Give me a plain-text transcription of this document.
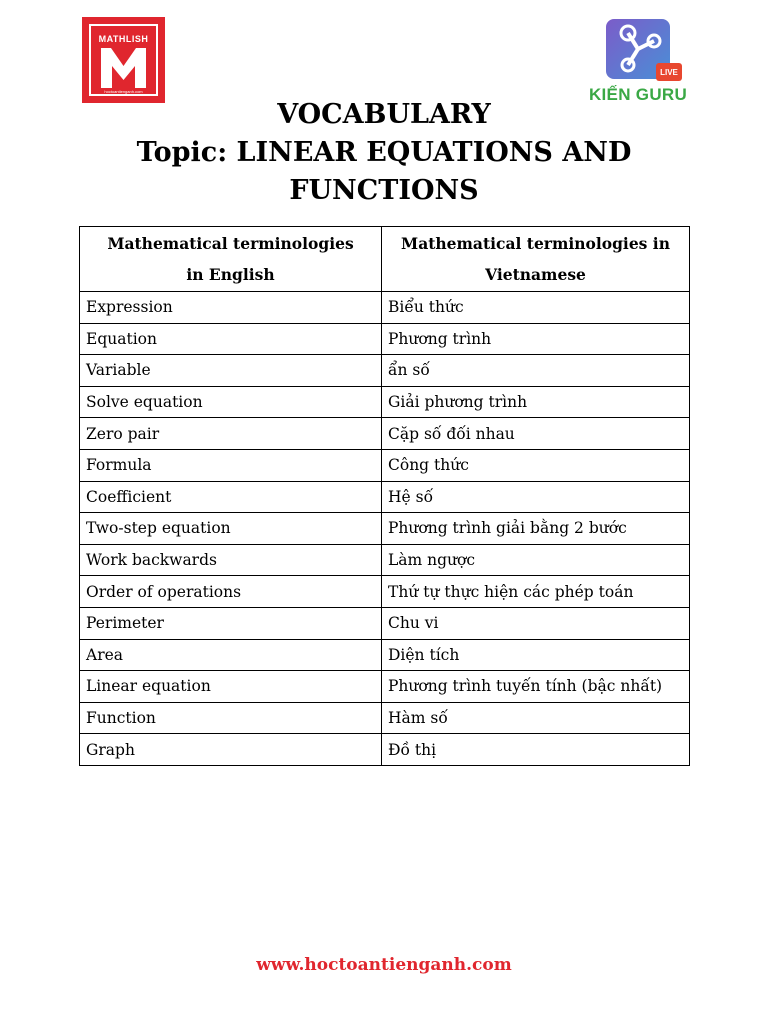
MATHLISH
hoctoantienganh.com
LIVE
KIẾN GURU
VOCABULARY
Topic: LINEAR EQUATIONS AND
FUNCTIONS
Mathematical terminologies in English	Mathematical terminologies in Vietnamese
Expression	Biểu thức
Equation	Phương trình
Variable	ẩn số
Solve equation	Giải phương trình
Zero pair	Cặp số đối nhau
Formula	Công thức
Coefficient	Hệ số
Two-step equation	Phương trình giải bằng 2 bước
Work backwards	Làm ngược
Order of operations	Thứ tự thực hiện các phép toán
Perimeter	Chu vi
Area	Diện tích
Linear equation	Phương trình tuyến tính (bậc nhất)
Function	Hàm số
Graph	Đồ thị
www.hoctoantienganh.com
